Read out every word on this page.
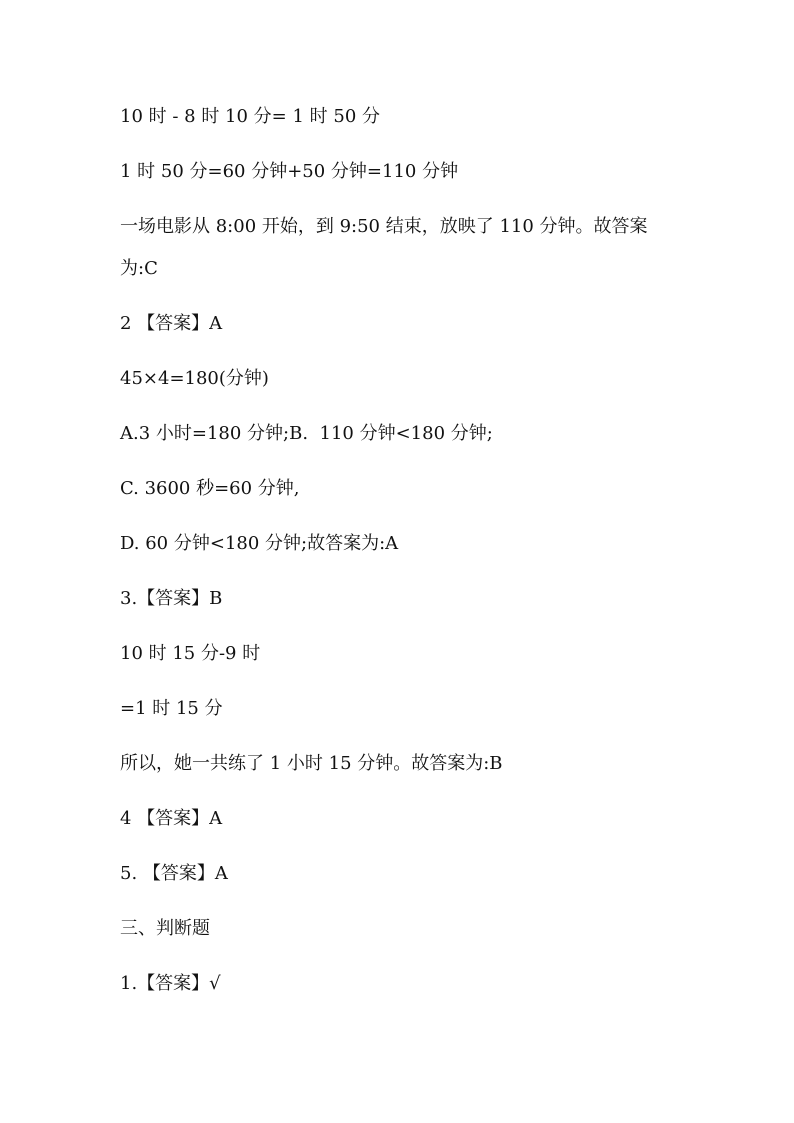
10 时 - 8 时 10 分= 1 时 50 分

1 时 50 分=60 分钟+50 分钟=110 分钟

一场电影从 8:00 开始，到 9:50 结束，放映了 110 分钟。故答案

为:C

2 【答案】A

45×4=180(分钟)

A.3 小时=180 分钟;B.  110 分钟<180 分钟;

C. 3600 秒=60 分钟,

D. 60 分钟<180 分钟;故答案为:A

3.【答案】B

10 时 15 分-9 时

=1 时 15 分

所以，她一共练了 1 小时 15 分钟。故答案为:B

4 【答案】A

5. 【答案】A

三、判断题

1.【答案】√
